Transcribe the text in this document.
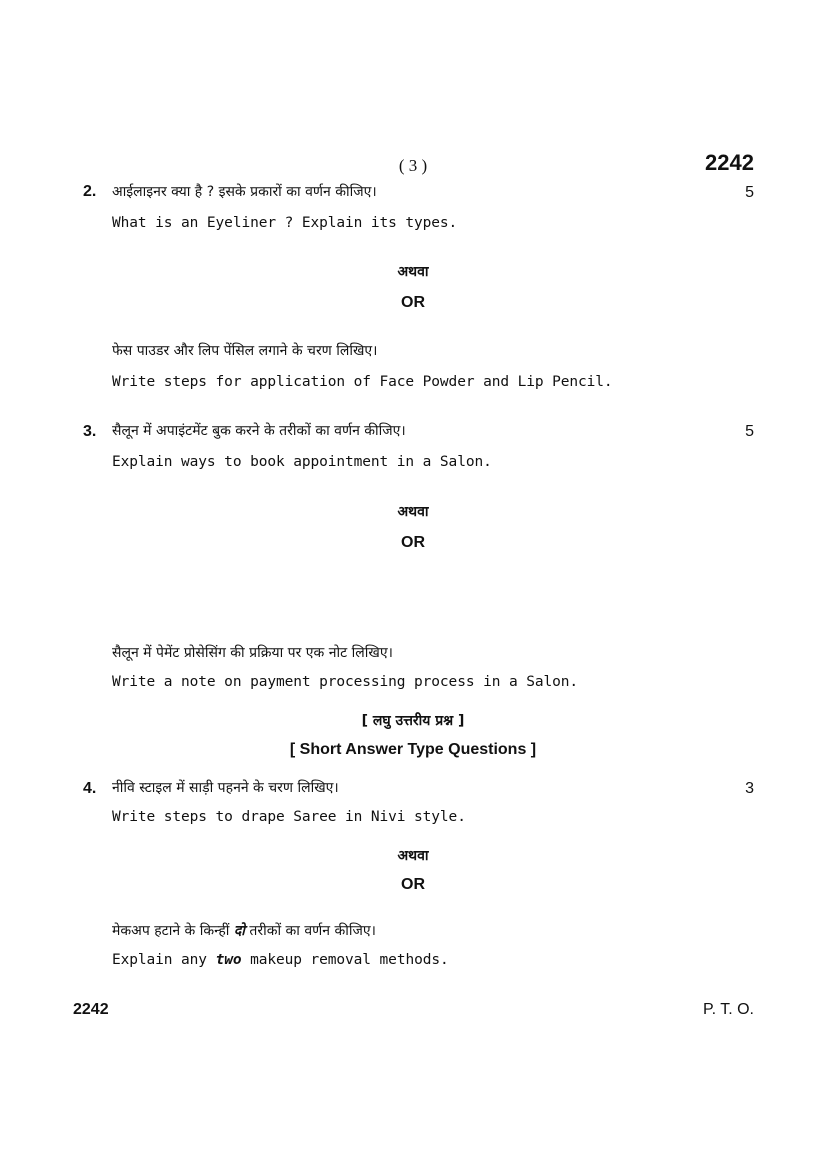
( 3 )	2242
2. आईलाइनर क्या है ? इसके प्रकारों का वर्णन कीजिए।	5
What is an Eyeliner ? Explain its types.
अथवा
OR
फेस पाउडर और लिप पेंसिल लगाने के चरण लिखिए।
Write steps for application of Face Powder and Lip Pencil.
3. सैलून में अपाइंटमेंट बुक करने के तरीकों का वर्णन कीजिए।	5
Explain ways to book appointment in a Salon.
अथवा
OR
सैलून में पेमेंट प्रोसेसिंग की प्रक्रिया पर एक नोट लिखिए।
Write a note on payment processing process in a Salon.
[ लघु उत्तरीय प्रश्न ]
[ Short Answer Type Questions ]
4. नीवि स्टाइल में साड़ी पहनने के चरण लिखिए।	3
Write steps to drape Saree in Nivi style.
अथवा
OR
मेकअप हटाने के किन्हीं दो तरीकों का वर्णन कीजिए।
Explain any two makeup removal methods.
2242	P. T. O.
